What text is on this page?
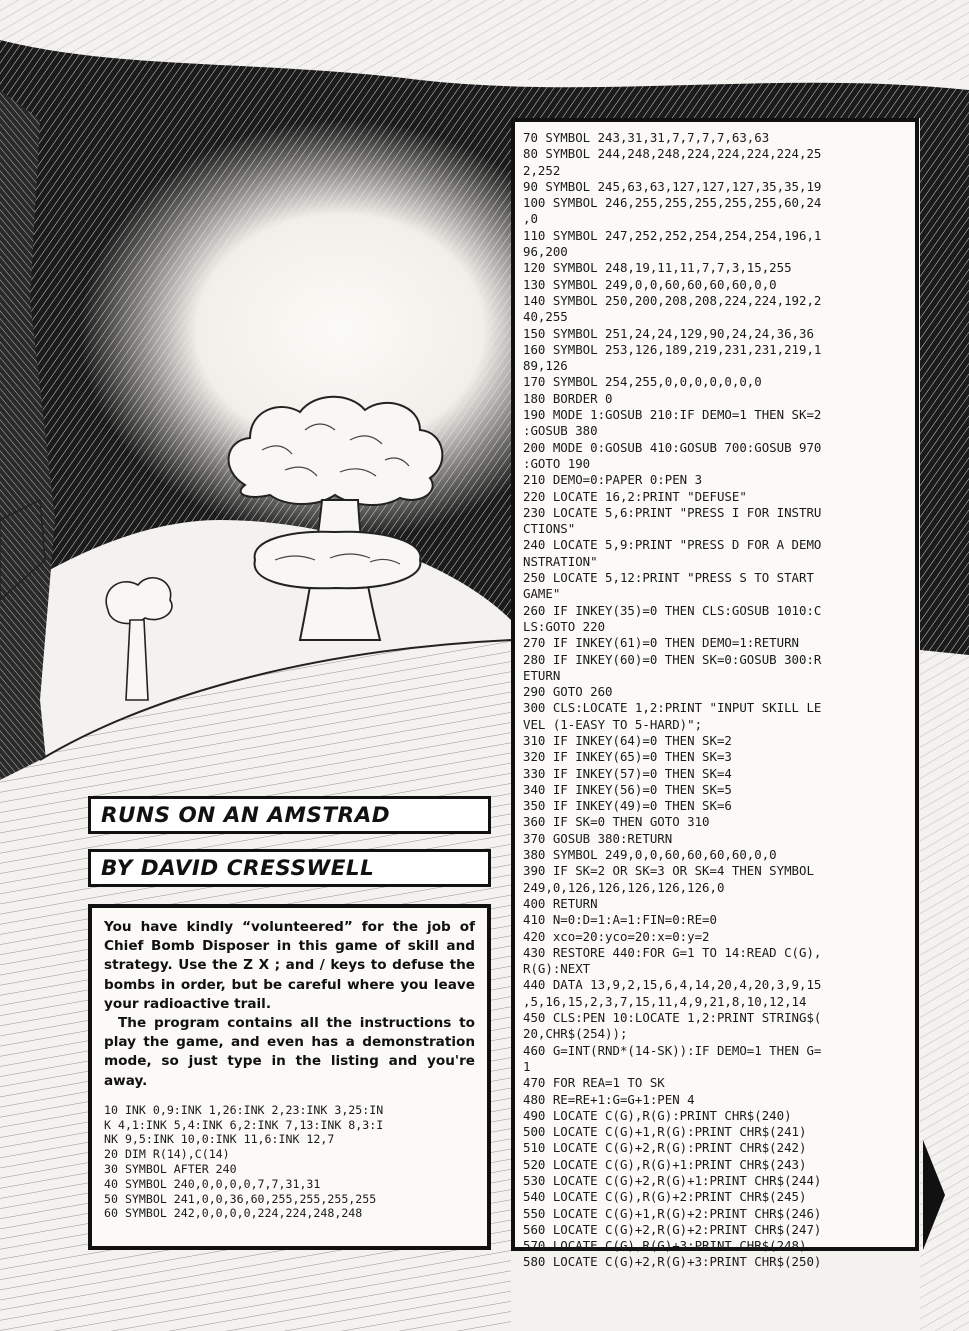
70 SYMBOL 243,31,31,7,7,7,7,63,63
80 SYMBOL 244,248,248,224,224,224,224,25
2,252
90 SYMBOL 245,63,63,127,127,127,35,35,19
100 SYMBOL 246,255,255,255,255,255,60,24
,0
110 SYMBOL 247,252,252,254,254,254,196,1
96,200
120 SYMBOL 248,19,11,11,7,7,3,15,255
130 SYMBOL 249,0,0,60,60,60,60,0,0
140 SYMBOL 250,200,208,208,224,224,192,2
40,255
150 SYMBOL 251,24,24,129,90,24,24,36,36
160 SYMBOL 253,126,189,219,231,231,219,1
89,126
170 SYMBOL 254,255,0,0,0,0,0,0,0
180 BORDER 0
190 MODE 1:GOSUB 210:IF DEMO=1 THEN SK=2
:GOSUB 380
200 MODE 0:GOSUB 410:GOSUB 700:GOSUB 970
:GOTO 190
210 DEMO=0:PAPER 0:PEN 3
220 LOCATE 16,2:PRINT "DEFUSE"
230 LOCATE 5,6:PRINT "PRESS I FOR INSTRU
CTIONS"
240 LOCATE 5,9:PRINT "PRESS D FOR A DEMO
NSTRATION"
250 LOCATE 5,12:PRINT "PRESS S TO START
GAME"
260 IF INKEY(35)=0 THEN CLS:GOSUB 1010:C
LS:GOTO 220
270 IF INKEY(61)=0 THEN DEMO=1:RETURN
280 IF INKEY(60)=0 THEN SK=0:GOSUB 300:R
ETURN
290 GOTO 260
300 CLS:LOCATE 1,2:PRINT "INPUT SKILL LE
VEL (1-EASY TO 5-HARD)";
310 IF INKEY(64)=0 THEN SK=2
320 IF INKEY(65)=0 THEN SK=3
330 IF INKEY(57)=0 THEN SK=4
340 IF INKEY(56)=0 THEN SK=5
350 IF INKEY(49)=0 THEN SK=6
360 IF SK=0 THEN GOTO 310
370 GOSUB 380:RETURN
380 SYMBOL 249,0,0,60,60,60,60,0,0
390 IF SK=2 OR SK=3 OR SK=4 THEN SYMBOL
249,0,126,126,126,126,126,0
400 RETURN
410 N=0:D=1:A=1:FIN=0:RE=0
420 xco=20:yco=20:x=0:y=2
430 RESTORE 440:FOR G=1 TO 14:READ C(G),
R(G):NEXT
440 DATA 13,9,2,15,6,4,14,20,4,20,3,9,15
,5,16,15,2,3,7,15,11,4,9,21,8,10,12,14
450 CLS:PEN 10:LOCATE 1,2:PRINT STRING$(
20,CHR$(254));
460 G=INT(RND*(14-SK)):IF DEMO=1 THEN G=
1
470 FOR REA=1 TO SK
480 RE=RE+1:G=G+1:PEN 4
490 LOCATE C(G),R(G):PRINT CHR$(240)
500 LOCATE C(G)+1,R(G):PRINT CHR$(241)
510 LOCATE C(G)+2,R(G):PRINT CHR$(242)
520 LOCATE C(G),R(G)+1:PRINT CHR$(243)
530 LOCATE C(G)+2,R(G)+1:PRINT CHR$(244)
540 LOCATE C(G),R(G)+2:PRINT CHR$(245)
550 LOCATE C(G)+1,R(G)+2:PRINT CHR$(246)
560 LOCATE C(G)+2,R(G)+2:PRINT CHR$(247)
570 LOCATE C(G),R(G)+3:PRINT CHR$(248)
580 LOCATE C(G)+2,R(G)+3:PRINT CHR$(250)
RUNS ON AN AMSTRAD
BY DAVID CRESSWELL

You have kindly “volunteered” for the job of Chief Bomb Disposer in this game of skill and strategy. Use the Z X ; and / keys to defuse the bombs in order, but be careful where you leave your radioactive trail.

The program contains all the instructions to play the game, and even has a demonstration mode, so just type in the listing and you're away.

10 INK 0,9:INK 1,26:INK 2,23:INK 3,25:IN
K 4,1:INK 5,4:INK 6,2:INK 7,13:INK 8,3:I
NK 9,5:INK 10,0:INK 11,6:INK 12,7
20 DIM R(14),C(14)
30 SYMBOL AFTER 240
40 SYMBOL 240,0,0,0,0,7,7,31,31
50 SYMBOL 241,0,0,36,60,255,255,255,255
60 SYMBOL 242,0,0,0,0,224,224,248,248
